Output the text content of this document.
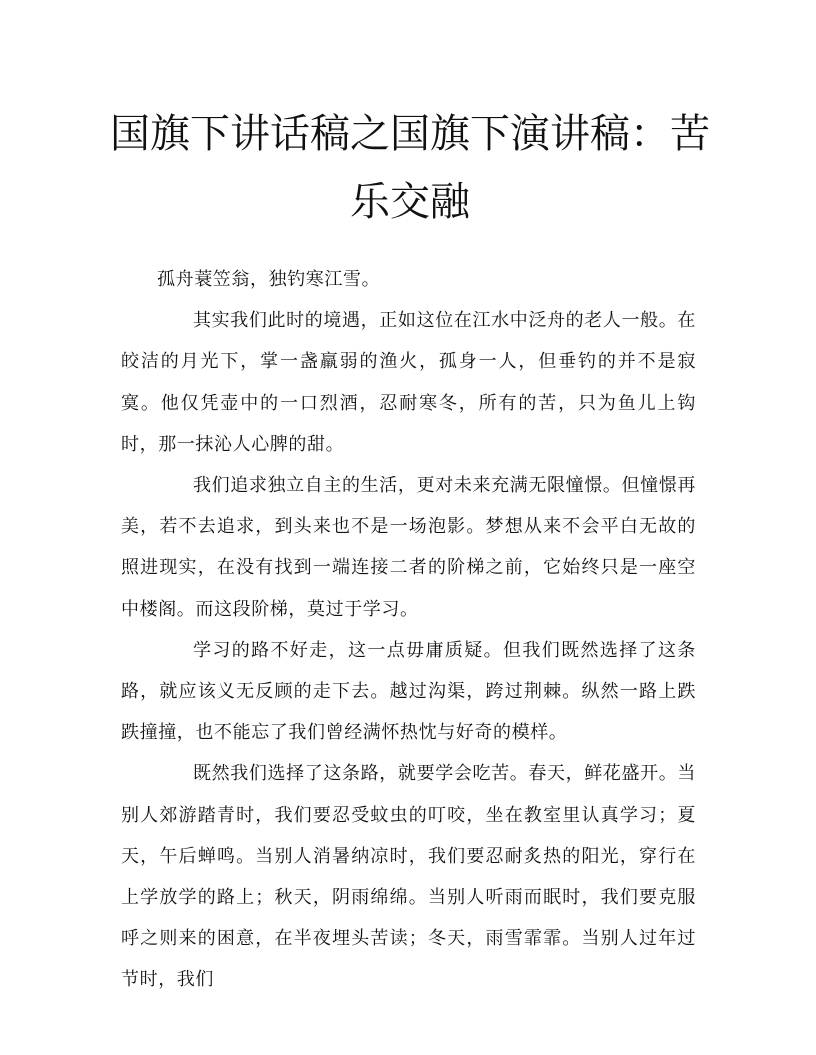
国旗下讲话稿之国旗下演讲稿：苦乐交融

孤舟蓑笠翁，独钓寒江雪。

其实我们此时的境遇，正如这位在江水中泛舟的老人一般。在皎洁的月光下，掌一盏羸弱的渔火，孤身一人，但垂钓的并不是寂寞。他仅凭壶中的一口烈酒，忍耐寒冬，所有的苦，只为鱼儿上钩时，那一抹沁人心脾的甜。

我们追求独立自主的生活，更对未来充满无限憧憬。但憧憬再美，若不去追求，到头来也不是一场泡影。梦想从来不会平白无故的照进现实，在没有找到一端连接二者的阶梯之前，它始终只是一座空中楼阁。而这段阶梯，莫过于学习。

学习的路不好走，这一点毋庸质疑。但我们既然选择了这条路，就应该义无反顾的走下去。越过沟渠，跨过荆棘。纵然一路上跌跌撞撞，也不能忘了我们曾经满怀热忱与好奇的模样。

既然我们选择了这条路，就要学会吃苦。春天，鲜花盛开。当别人郊游踏青时，我们要忍受蚊虫的叮咬，坐在教室里认真学习；夏天，午后蝉鸣。当别人消暑纳凉时，我们要忍耐炙热的阳光，穿行在上学放学的路上；秋天，阴雨绵绵。当别人听雨而眠时，我们要克服呼之则来的困意，在半夜埋头苦读；冬天，雨雪霏霏。当别人过年过节时，我们
